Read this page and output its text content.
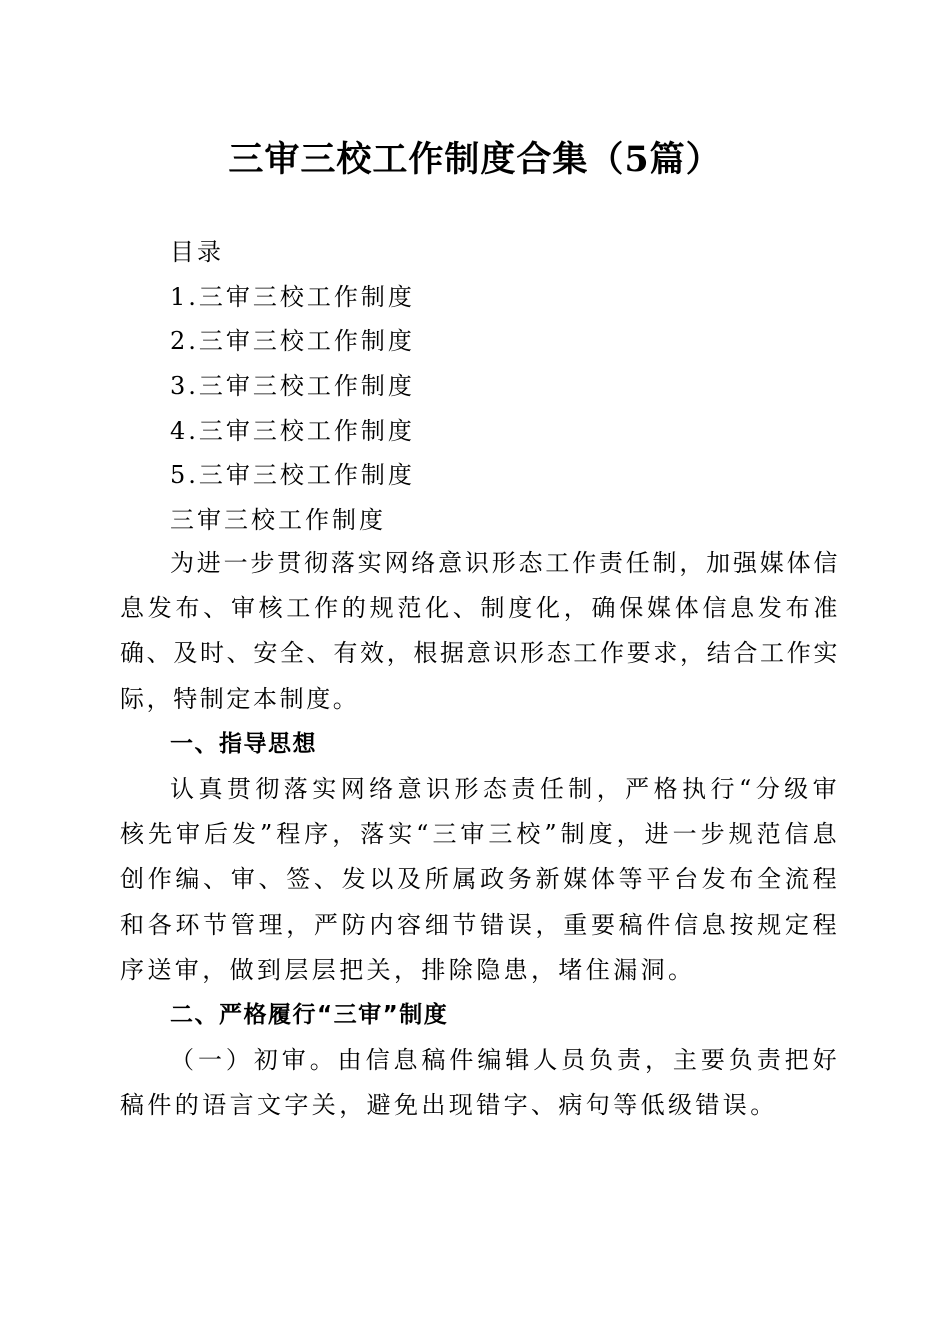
三审三校工作制度合集（5篇）
目录
1.三审三校工作制度
2.三审三校工作制度
3.三审三校工作制度
4.三审三校工作制度
5.三审三校工作制度
三审三校工作制度

为进一步贯彻落实网络意识形态工作责任制，加强媒体信息发布、审核工作的规范化、制度化，确保媒体信息发布准确、及时、安全、有效，根据意识形态工作要求，结合工作实际，特制定本制度。

一、指导思想

认真贯彻落实网络意识形态责任制，严格执行“分级审核先审后发”程序，落实“三审三校”制度，进一步规范信息创作编、审、签、发以及所属政务新媒体等平台发布全流程和各环节管理，严防内容细节错误，重要稿件信息按规定程序送审，做到层层把关，排除隐患，堵住漏洞。

二、严格履行“三审”制度

（一）初审。由信息稿件编辑人员负责，主要负责把好稿件的语言文字关，避免出现错字、病句等低级错误。
